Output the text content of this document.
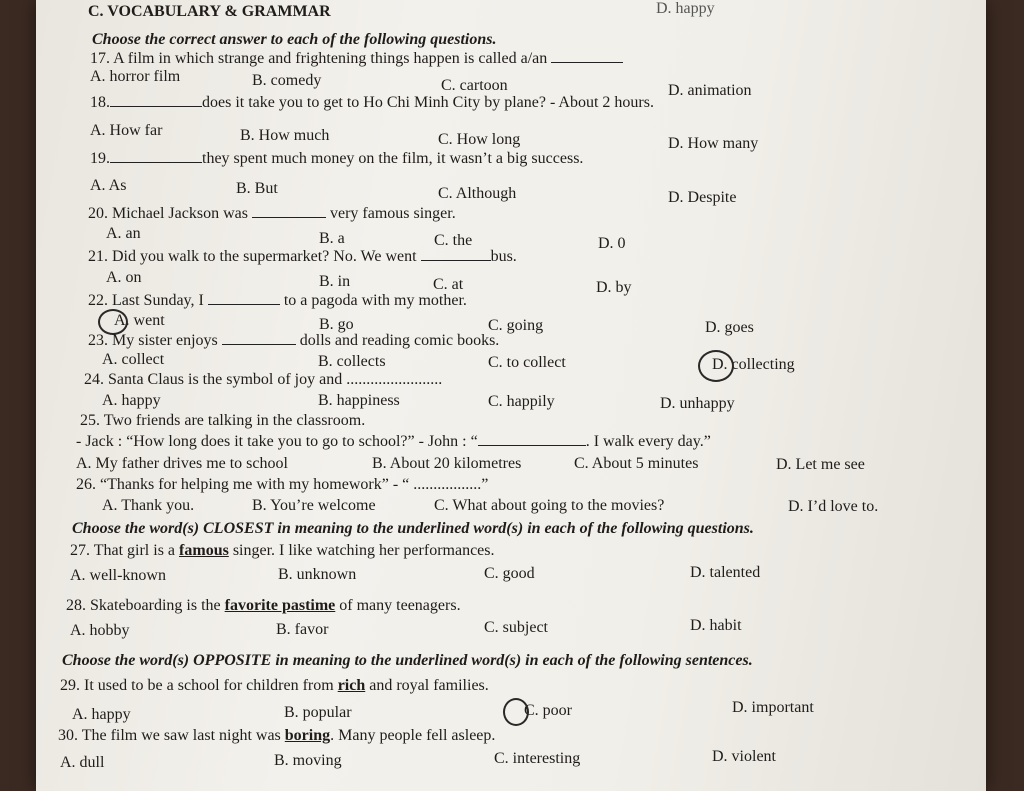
C. VOCABULARY & GRAMMAR	D. happy
Choose the correct answer to each of the following questions.
17. A film in which strange and frightening things happen is called a/an
A. horror film	B. comedy	C. cartoon	D. animation
18.	does it take you to get to Ho Chi Minh City by plane? - About 2 hours.
A. How far	B. How much	C. How long	D. How many
19.	they spent much money on the film, it wasn’t a big success.
A. As	B. But	C. Although	D. Despite
20. Michael Jackson was	very famous singer.
A. an	B. a	C. the	D. 0
21. Did you walk to the supermarket? No. We went	bus.
A. on	B. in	C. at	D. by
22. Last Sunday, I	to a pagoda with my mother.
A. went	B. go	C. going	D. goes
23. My sister enjoys	dolls and reading comic books.
A. collect	B. collects	C. to collect	D. collecting
24. Santa Claus is the symbol of joy and ........................
A. happy	B. happiness	C. happily	D. unhappy
25. Two friends are talking in the classroom.
- Jack : “How long does it take you to go to school?” - John : “	. I walk every day.”
A. My father drives me to school	B. About 20 kilometres	C. About 5 minutes	D. Let me see
26. “Thanks for helping me with my homework” - “ .................”
A. Thank you.	B. You’re welcome	C. What about going to the movies?	D. I’d love to.
Choose the word(s) CLOSEST in meaning to the underlined word(s) in each of the following questions.
27. That girl is a famous singer. I like watching her performances.
A. well-known	B. unknown	C. good	D. talented
28. Skateboarding is the favorite pastime of many teenagers.
A. hobby	B. favor	C. subject	D. habit
Choose the word(s) OPPOSITE in meaning to the underlined word(s) in each of the following sentences.
29. It used to be a school for children from rich and royal families.
A. happy	B. popular	C. poor	D. important
30. The film we saw last night was boring. Many people fell asleep.
A. dull	B. moving	C. interesting	D. violent
